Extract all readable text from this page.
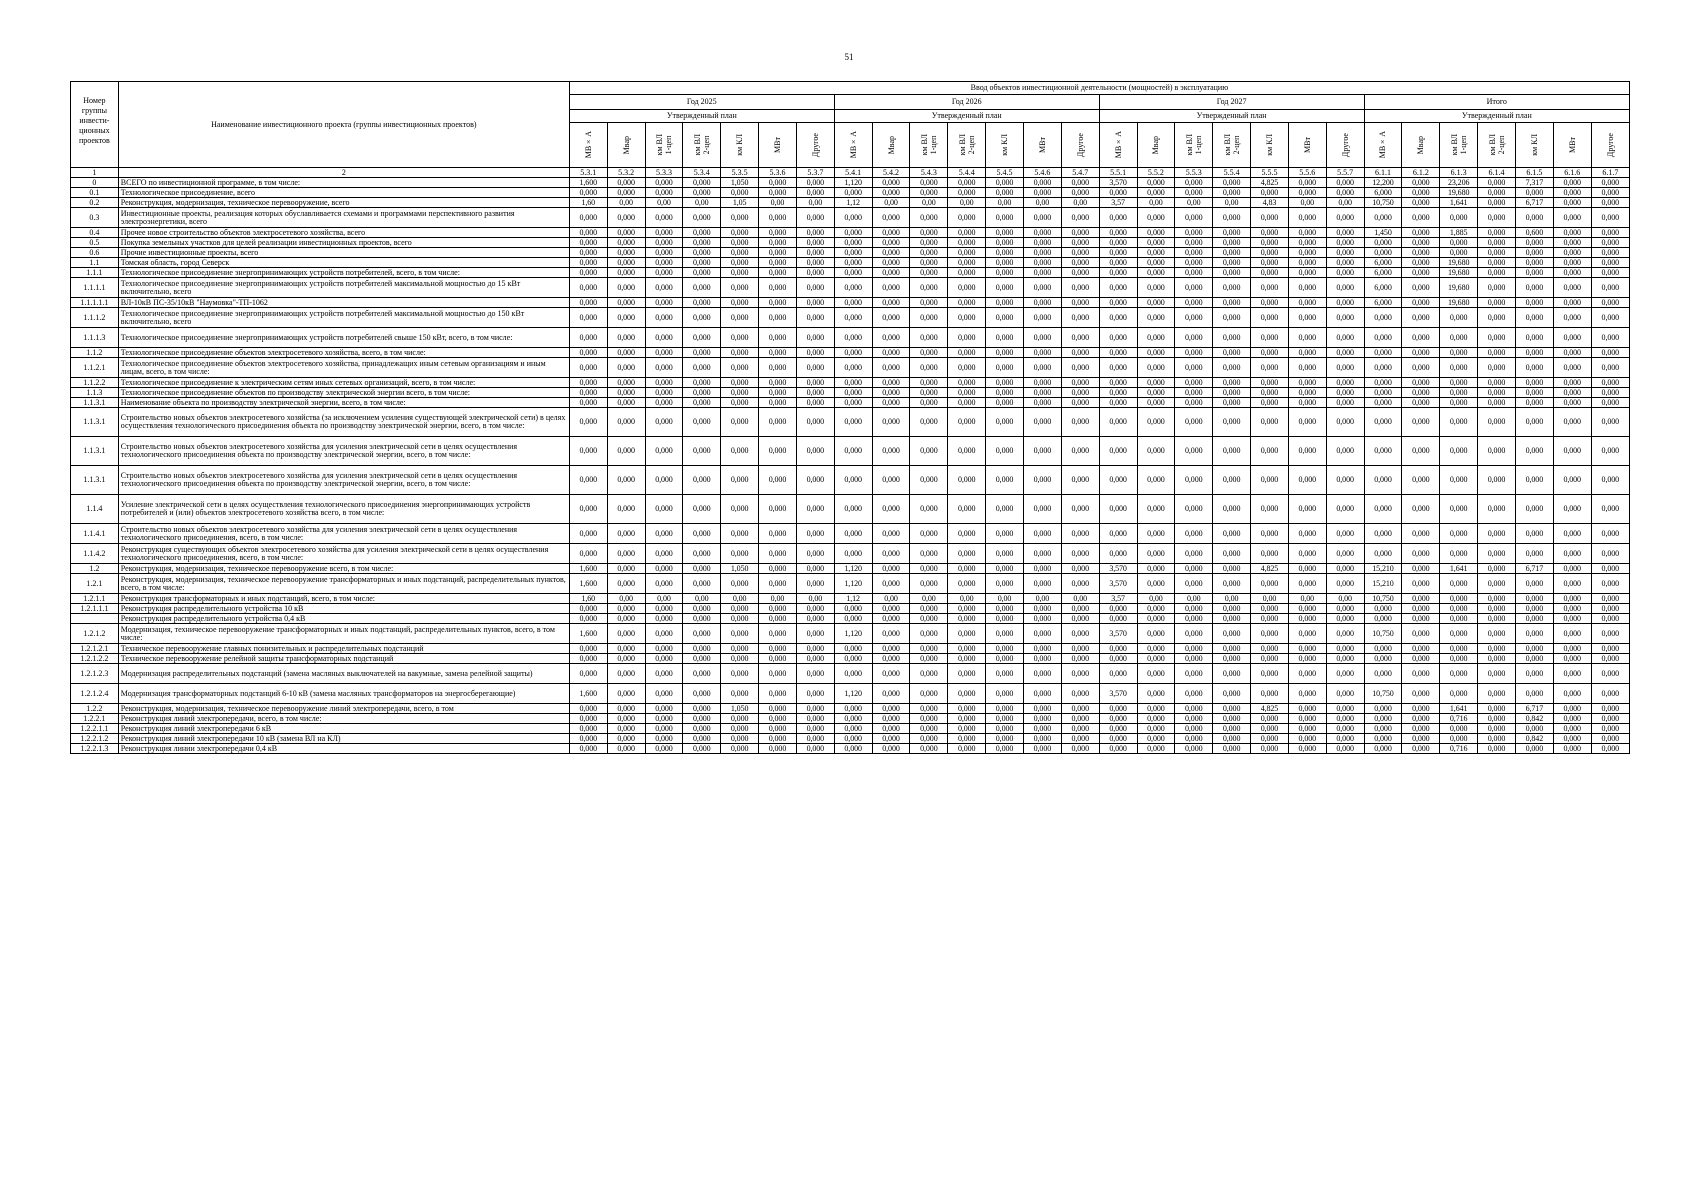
51
Номер группы инвести-ционных проектов	Наименование инвестиционного проекта (группы инвестиционных проектов)	Ввод объектов инвестиционной деятельности (мощностей) в эксплуатацию																											
		Год 2025							Год 2026							Год 2027							Итого						
		Утвержденный план							Утвержденный план							Утвержденный план							Утвержденный план						

		МВ×А	Мвар	км ВЛ
1-цеп	км ВЛ
2-цеп	км КЛ	МВт	Другое	МВ×А	Мвар	км ВЛ
1-цеп	км ВЛ
2-цеп	км КЛ	МВт	Другое	МВ×А	Мвар	км ВЛ
1-цеп	км ВЛ
2-цеп	км КЛ	МВт	Другое	МВ×А	Мвар	км ВЛ
1-цеп	км ВЛ
2-цеп	км КЛ	МВт	Другое

1	2	5.3.1	5.3.2	5.3.3	5.3.4	5.3.5	5.3.6	5.3.7	5.4.1	5.4.2	5.4.3	5.4.4	5.4.5	5.4.6	5.4.7	5.5.1	5.5.2	5.5.3	5.5.4	5.5.5	5.5.6	5.5.7	6.1.1	6.1.2	6.1.3	6.1.4	6.1.5	6.1.6	6.1.7
0	ВСЕГО по инвестиционной программе, в том числе:	1,600	0,000	0,000	0,000	1,050	0,000	0,000	1,120	0,000	0,000	0,000	0,000	0,000	0,000	3,570	0,000	0,000	0,000	4,825	0,000	0,000	12,200	0,000	23,206	0,000	7,317	0,000	0,000
0.1	Технологическое присоединение, всего	0,000	0,000	0,000	0,000	0,000	0,000	0,000	0,000	0,000	0,000	0,000	0,000	0,000	0,000	0,000	0,000	0,000	0,000	0,000	0,000	0,000	6,000	0,000	19,680	0,000	0,000	0,000	0,000
0.2	Реконструкция, модернизация, техническое перевооружение, всего	1,60	0,00	0,00	0,00	1,05	0,00	0,00	1,12	0,00	0,00	0,00	0,00	0,00	0,00	3,57	0,00	0,00	0,00	4,83	0,00	0,00	10,750	0,000	1,641	0,000	6,717	0,000	0,000
0.3	Инвестиционные проекты, реализация которых обуславливается схемами и программами перспективного развития электроэнергетики, всего	0,000	0,000	0,000	0,000	0,000	0,000	0,000	0,000	0,000	0,000	0,000	0,000	0,000	0,000	0,000	0,000	0,000	0,000	0,000	0,000	0,000	0,000	0,000	0,000	0,000	0,000	0,000	0,000
0.4	Прочее новое строительство объектов электросетевого хозяйства, всего	0,000	0,000	0,000	0,000	0,000	0,000	0,000	0,000	0,000	0,000	0,000	0,000	0,000	0,000	0,000	0,000	0,000	0,000	0,000	0,000	0,000	1,450	0,000	1,885	0,000	0,600	0,000	0,000
0.5	Покупка земельных участков для целей реализации инвестиционных проектов, всего	0,000	0,000	0,000	0,000	0,000	0,000	0,000	0,000	0,000	0,000	0,000	0,000	0,000	0,000	0,000	0,000	0,000	0,000	0,000	0,000	0,000	0,000	0,000	0,000	0,000	0,000	0,000	0,000
0.6	Прочие инвестиционные проекты, всего	0,000	0,000	0,000	0,000	0,000	0,000	0,000	0,000	0,000	0,000	0,000	0,000	0,000	0,000	0,000	0,000	0,000	0,000	0,000	0,000	0,000	0,000	0,000	0,000	0,000	0,000	0,000	0,000
1.1	Томская область, город Северск	0,000	0,000	0,000	0,000	0,000	0,000	0,000	0,000	0,000	0,000	0,000	0,000	0,000	0,000	0,000	0,000	0,000	0,000	0,000	0,000	0,000	6,000	0,000	19,680	0,000	0,000	0,000	0,000
1.1.1	Технологическое присоединение энергопринимающих устройств потребителей, всего, в том числе:	0,000	0,000	0,000	0,000	0,000	0,000	0,000	0,000	0,000	0,000	0,000	0,000	0,000	0,000	0,000	0,000	0,000	0,000	0,000	0,000	0,000	6,000	0,000	19,680	0,000	0,000	0,000	0,000
1.1.1.1	Технологическое присоединение энергопринимающих устройств потребителей максимальной мощностью до 15 кВт включительно, всего	0,000	0,000	0,000	0,000	0,000	0,000	0,000	0,000	0,000	0,000	0,000	0,000	0,000	0,000	0,000	0,000	0,000	0,000	0,000	0,000	0,000	6,000	0,000	19,680	0,000	0,000	0,000	0,000
1.1.1.1.1	ВЛ-10кВ ПС-35/10кВ "Наумовка"-ТП-1062	0,000	0,000	0,000	0,000	0,000	0,000	0,000	0,000	0,000	0,000	0,000	0,000	0,000	0,000	0,000	0,000	0,000	0,000	0,000	0,000	0,000	6,000	0,000	19,680	0,000	0,000	0,000	0,000
1.1.1.2	Технологическое присоединение энергопринимающих устройств потребителей максимальной мощностью до 150 кВт включительно, всего	0,000	0,000	0,000	0,000	0,000	0,000	0,000	0,000	0,000	0,000	0,000	0,000	0,000	0,000	0,000	0,000	0,000	0,000	0,000	0,000	0,000	0,000	0,000	0,000	0,000	0,000	0,000	0,000
1.1.1.3	Технологическое присоединение энергопринимающих устройств потребителей свыше 150 кВт, всего, в том числе:	0,000	0,000	0,000	0,000	0,000	0,000	0,000	0,000	0,000	0,000	0,000	0,000	0,000	0,000	0,000	0,000	0,000	0,000	0,000	0,000	0,000	0,000	0,000	0,000	0,000	0,000	0,000	0,000
1.1.2	Технологическое присоединение объектов электросетевого хозяйства, всего, в том числе:	0,000	0,000	0,000	0,000	0,000	0,000	0,000	0,000	0,000	0,000	0,000	0,000	0,000	0,000	0,000	0,000	0,000	0,000	0,000	0,000	0,000	0,000	0,000	0,000	0,000	0,000	0,000	0,000
1.1.2.1	Технологическое присоединение объектов электросетевого хозяйства, принадлежащих иным сетевым организациям и иным лицам, всего, в том числе:	0,000	0,000	0,000	0,000	0,000	0,000	0,000	0,000	0,000	0,000	0,000	0,000	0,000	0,000	0,000	0,000	0,000	0,000	0,000	0,000	0,000	0,000	0,000	0,000	0,000	0,000	0,000	0,000
1.1.2.2	Технологическое присоединение к электрическим сетям иных сетевых организаций, всего, в том числе:	0,000	0,000	0,000	0,000	0,000	0,000	0,000	0,000	0,000	0,000	0,000	0,000	0,000	0,000	0,000	0,000	0,000	0,000	0,000	0,000	0,000	0,000	0,000	0,000	0,000	0,000	0,000	0,000
1.1.3	Технологическое присоединение объектов по производству электрической энергии всего, в том числе:	0,000	0,000	0,000	0,000	0,000	0,000	0,000	0,000	0,000	0,000	0,000	0,000	0,000	0,000	0,000	0,000	0,000	0,000	0,000	0,000	0,000	0,000	0,000	0,000	0,000	0,000	0,000	0,000
1.1.3.1	Наименование объекта по производству электрической энергии, всего, в том числе:	0,000	0,000	0,000	0,000	0,000	0,000	0,000	0,000	0,000	0,000	0,000	0,000	0,000	0,000	0,000	0,000	0,000	0,000	0,000	0,000	0,000	0,000	0,000	0,000	0,000	0,000	0,000	0,000
1.1.3.1	Строительство новых объектов электросетевого хозяйства (за исключением усиления существующей электрической сети) в целях осуществления технологического присоединения объекта по производству электрической энергии, всего, в том числе:	0,000	0,000	0,000	0,000	0,000	0,000	0,000	0,000	0,000	0,000	0,000	0,000	0,000	0,000	0,000	0,000	0,000	0,000	0,000	0,000	0,000	0,000	0,000	0,000	0,000	0,000	0,000	0,000
1.1.3.1	Строительство новых объектов электросетевого хозяйства для усиления электрической сети в целях осуществления технологического присоединения объекта по производству электрической энергии, всего, в том числе:	0,000	0,000	0,000	0,000	0,000	0,000	0,000	0,000	0,000	0,000	0,000	0,000	0,000	0,000	0,000	0,000	0,000	0,000	0,000	0,000	0,000	0,000	0,000	0,000	0,000	0,000	0,000	0,000
1.1.3.1	Строительство новых объектов электросетевого хозяйства для усиления электрической сети в целях осуществления технологического присоединения объекта по производству электрической энергии, всего, в том числе:	0,000	0,000	0,000	0,000	0,000	0,000	0,000	0,000	0,000	0,000	0,000	0,000	0,000	0,000	0,000	0,000	0,000	0,000	0,000	0,000	0,000	0,000	0,000	0,000	0,000	0,000	0,000	0,000
1.1.4	Усиление электрической сети в целях осуществления технологического присоединения энергопринимающих устройств потребителей и (или) объектов электросетевого хозяйства всего, в том числе:	0,000	0,000	0,000	0,000	0,000	0,000	0,000	0,000	0,000	0,000	0,000	0,000	0,000	0,000	0,000	0,000	0,000	0,000	0,000	0,000	0,000	0,000	0,000	0,000	0,000	0,000	0,000	0,000
1.1.4.1	Строительство новых объектов электросетевого хозяйства для усиления электрической сети в целях осуществления технологического присоединения, всего, в том числе:	0,000	0,000	0,000	0,000	0,000	0,000	0,000	0,000	0,000	0,000	0,000	0,000	0,000	0,000	0,000	0,000	0,000	0,000	0,000	0,000	0,000	0,000	0,000	0,000	0,000	0,000	0,000	0,000
1.1.4.2	Реконструкция существующих объектов электросетевого хозяйства для усиления электрической сети в целях осуществления технологического присоединения, всего, в том числе:	0,000	0,000	0,000	0,000	0,000	0,000	0,000	0,000	0,000	0,000	0,000	0,000	0,000	0,000	0,000	0,000	0,000	0,000	0,000	0,000	0,000	0,000	0,000	0,000	0,000	0,000	0,000	0,000
1.2	Реконструкция, модернизация, техническое перевооружение всего, в том числе:	1,600	0,000	0,000	0,000	1,050	0,000	0,000	1,120	0,000	0,000	0,000	0,000	0,000	0,000	3,570	0,000	0,000	0,000	4,825	0,000	0,000	15,210	0,000	1,641	0,000	6,717	0,000	0,000
1.2.1	Реконструкция, модернизация, техническое перевооружение трансформаторных и иных подстанций, распределительных пунктов, всего, в том числе:	1,600	0,000	0,000	0,000	0,000	0,000	0,000	1,120	0,000	0,000	0,000	0,000	0,000	0,000	3,570	0,000	0,000	0,000	0,000	0,000	0,000	15,210	0,000	0,000	0,000	0,000	0,000	0,000
1.2.1.1	Реконструкция трансформаторных и иных подстанций, всего, в том числе:	1,60	0,00	0,00	0,00	0,00	0,00	0,00	1,12	0,00	0,00	0,00	0,00	0,00	0,00	3,57	0,00	0,00	0,00	0,00	0,00	0,00	10,750	0,000	0,000	0,000	0,000	0,000	0,000
1.2.1.1.1	Реконструкция распределительного устройства 10 кВ	0,000	0,000	0,000	0,000	0,000	0,000	0,000	0,000	0,000	0,000	0,000	0,000	0,000	0,000	0,000	0,000	0,000	0,000	0,000	0,000	0,000	0,000	0,000	0,000	0,000	0,000	0,000	0,000
	Реконструкция распределительного устройства 0,4 кВ	0,000	0,000	0,000	0,000	0,000	0,000	0,000	0,000	0,000	0,000	0,000	0,000	0,000	0,000	0,000	0,000	0,000	0,000	0,000	0,000	0,000	0,000	0,000	0,000	0,000	0,000	0,000	0,000
1.2.1.2	Модернизация, техническое перевооружение трансформаторных и иных подстанций, распределительных пунктов, всего, в том числе:	1,600	0,000	0,000	0,000	0,000	0,000	0,000	1,120	0,000	0,000	0,000	0,000	0,000	0,000	3,570	0,000	0,000	0,000	0,000	0,000	0,000	10,750	0,000	0,000	0,000	0,000	0,000	0,000
1.2.1.2.1	Техническое перевооружение главных понизительных и распределительных подстанций	0,000	0,000	0,000	0,000	0,000	0,000	0,000	0,000	0,000	0,000	0,000	0,000	0,000	0,000	0,000	0,000	0,000	0,000	0,000	0,000	0,000	0,000	0,000	0,000	0,000	0,000	0,000	0,000
1.2.1.2.2	Техническое перевооружение релейной защиты трансформаторных подстанций	0,000	0,000	0,000	0,000	0,000	0,000	0,000	0,000	0,000	0,000	0,000	0,000	0,000	0,000	0,000	0,000	0,000	0,000	0,000	0,000	0,000	0,000	0,000	0,000	0,000	0,000	0,000	0,000
1.2.1.2.3	Модернизация распределительных подстанций (замена масляных выключателей на вакумные, замена релейной защиты)	0,000	0,000	0,000	0,000	0,000	0,000	0,000	0,000	0,000	0,000	0,000	0,000	0,000	0,000	0,000	0,000	0,000	0,000	0,000	0,000	0,000	0,000	0,000	0,000	0,000	0,000	0,000	0,000
1.2.1.2.4	Модернизация трансформаторных подстанций 6-10 кВ (замена масляных трансформаторов на энергосберегающие)	1,600	0,000	0,000	0,000	0,000	0,000	0,000	1,120	0,000	0,000	0,000	0,000	0,000	0,000	3,570	0,000	0,000	0,000	0,000	0,000	0,000	10,750	0,000	0,000	0,000	0,000	0,000	0,000
1.2.2	Реконструкция, модернизация, техническое перевооружение линий электропередачи, всего, в том	0,000	0,000	0,000	0,000	1,050	0,000	0,000	0,000	0,000	0,000	0,000	0,000	0,000	0,000	0,000	0,000	0,000	0,000	4,825	0,000	0,000	0,000	0,000	1,641	0,000	6,717	0,000	0,000
1.2.2.1	Реконструкция линий электропередачи, всего, в том числе:	0,000	0,000	0,000	0,000	0,000	0,000	0,000	0,000	0,000	0,000	0,000	0,000	0,000	0,000	0,000	0,000	0,000	0,000	0,000	0,000	0,000	0,000	0,000	0,716	0,000	0,842	0,000	0,000
1.2.2.1.1	Реконструкция линий электропередачи 6 кВ	0,000	0,000	0,000	0,000	0,000	0,000	0,000	0,000	0,000	0,000	0,000	0,000	0,000	0,000	0,000	0,000	0,000	0,000	0,000	0,000	0,000	0,000	0,000	0,000	0,000	0,000	0,000	0,000
1.2.2.1.2	Реконструкция линий электропередачи 10 кВ (замена ВЛ на КЛ)	0,000	0,000	0,000	0,000	0,000	0,000	0,000	0,000	0,000	0,000	0,000	0,000	0,000	0,000	0,000	0,000	0,000	0,000	0,000	0,000	0,000	0,000	0,000	0,000	0,000	0,842	0,000	0,000
1.2.2.1.3	Реконструкция линии электропередачи 0,4 кВ	0,000	0,000	0,000	0,000	0,000	0,000	0,000	0,000	0,000	0,000	0,000	0,000	0,000	0,000	0,000	0,000	0,000	0,000	0,000	0,000	0,000	0,000	0,000	0,716	0,000	0,000	0,000	0,000
